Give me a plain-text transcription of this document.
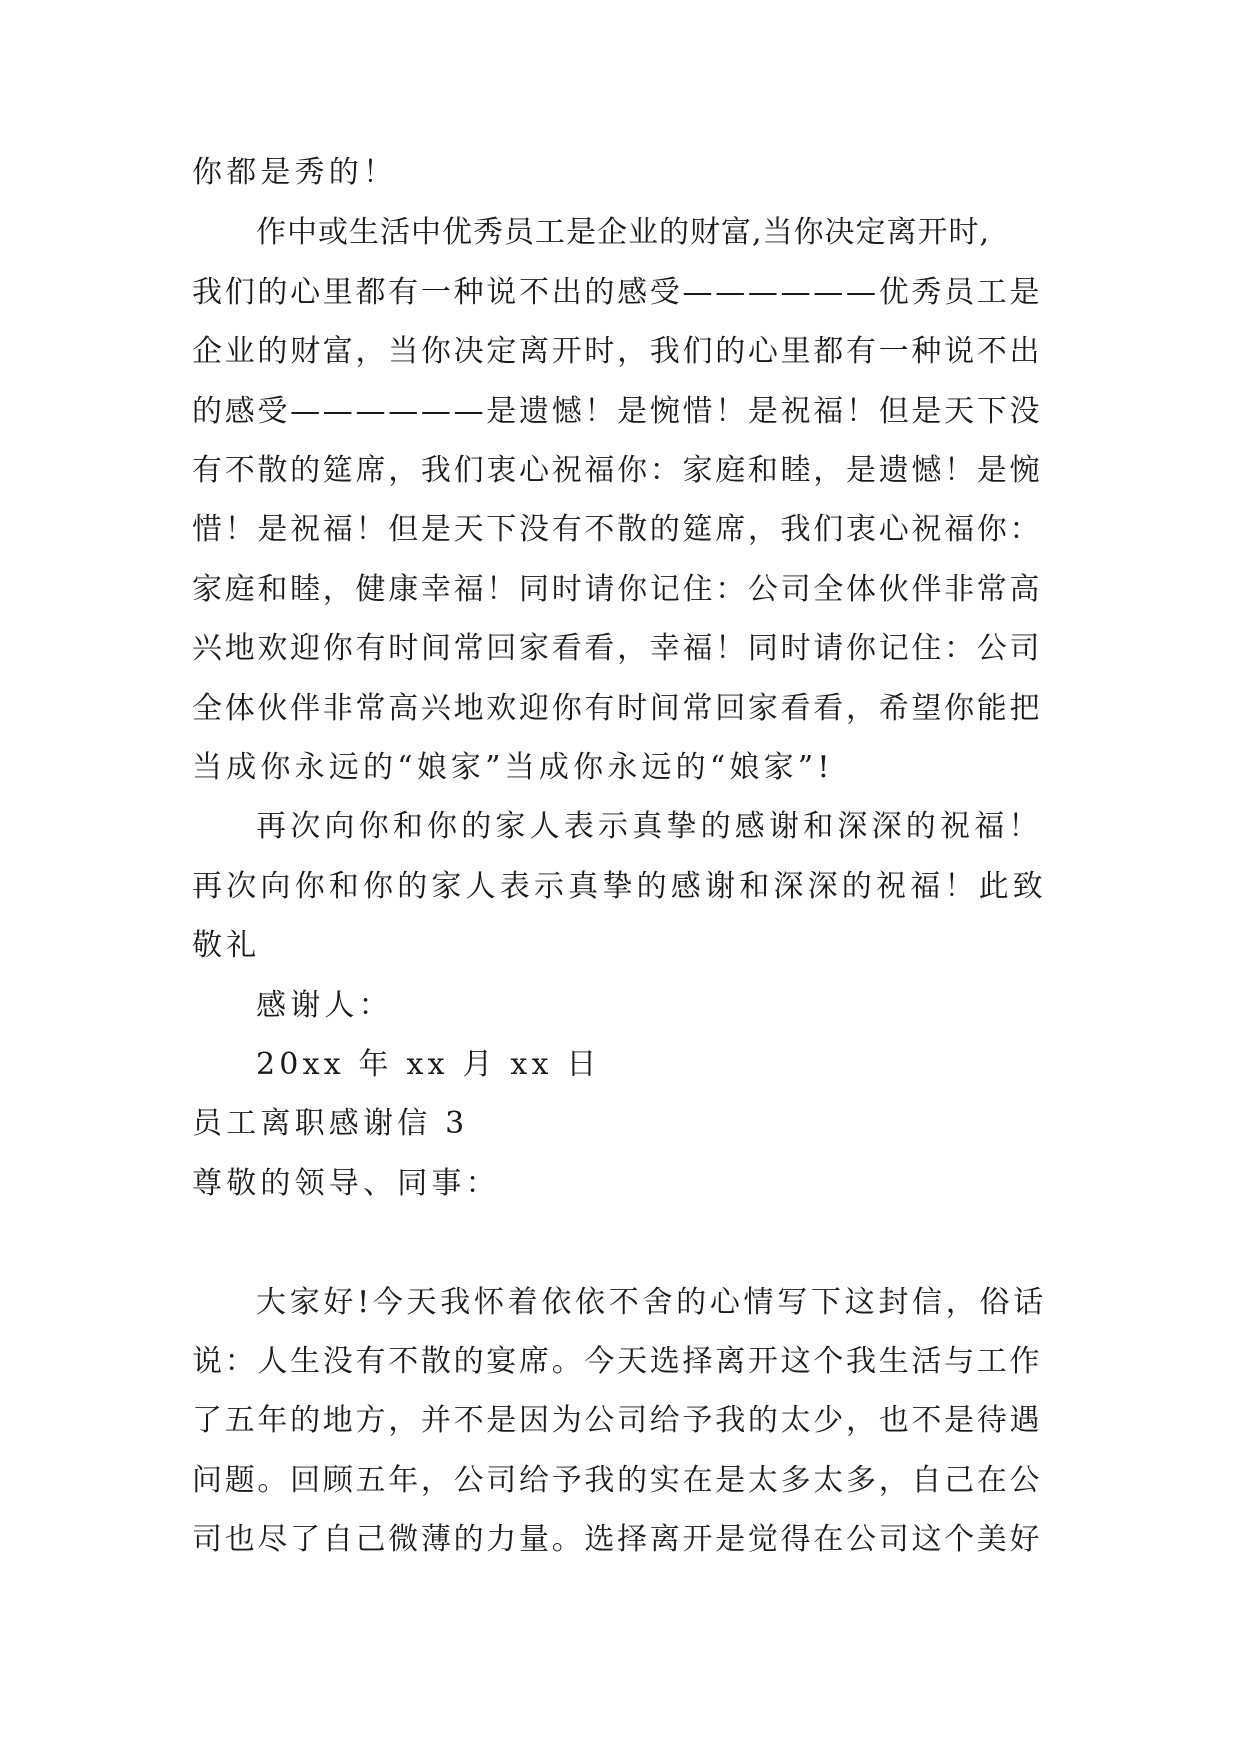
你都是秀的！
作中或生活中优秀员工是企业的财富,当你决定离开时,
我们的心里都有一种说不出的感受——————优秀员工是
企业的财富，当你决定离开时，我们的心里都有一种说不出
的感受——————是遗憾！是惋惜！是祝福！但是天下没
有不散的筵席，我们衷心祝福你：家庭和睦，是遗憾！是惋
惜！是祝福！但是天下没有不散的筵席，我们衷心祝福你：
家庭和睦，健康幸福！同时请你记住：公司全体伙伴非常高
兴地欢迎你有时间常回家看看，幸福！同时请你记住：公司
全体伙伴非常高兴地欢迎你有时间常回家看看，希望你能把
当成你永远的“娘家”当成你永远的“娘家”!
再次向你和你的家人表示真挚的感谢和深深的祝福！
再次向你和你的家人表示真挚的感谢和深深的祝福！此致
敬礼
感谢人：
20xx 年 xx 月 xx 日
员工离职感谢信 3
尊敬的领导、同事：
大家好!今天我怀着依依不舍的心情写下这封信，俗话
说：人生没有不散的宴席。今天选择离开这个我生活与工作
了五年的地方，并不是因为公司给予我的太少，也不是待遇
问题。回顾五年，公司给予我的实在是太多太多，自己在公
司也尽了自己微薄的力量。选择离开是觉得在公司这个美好
